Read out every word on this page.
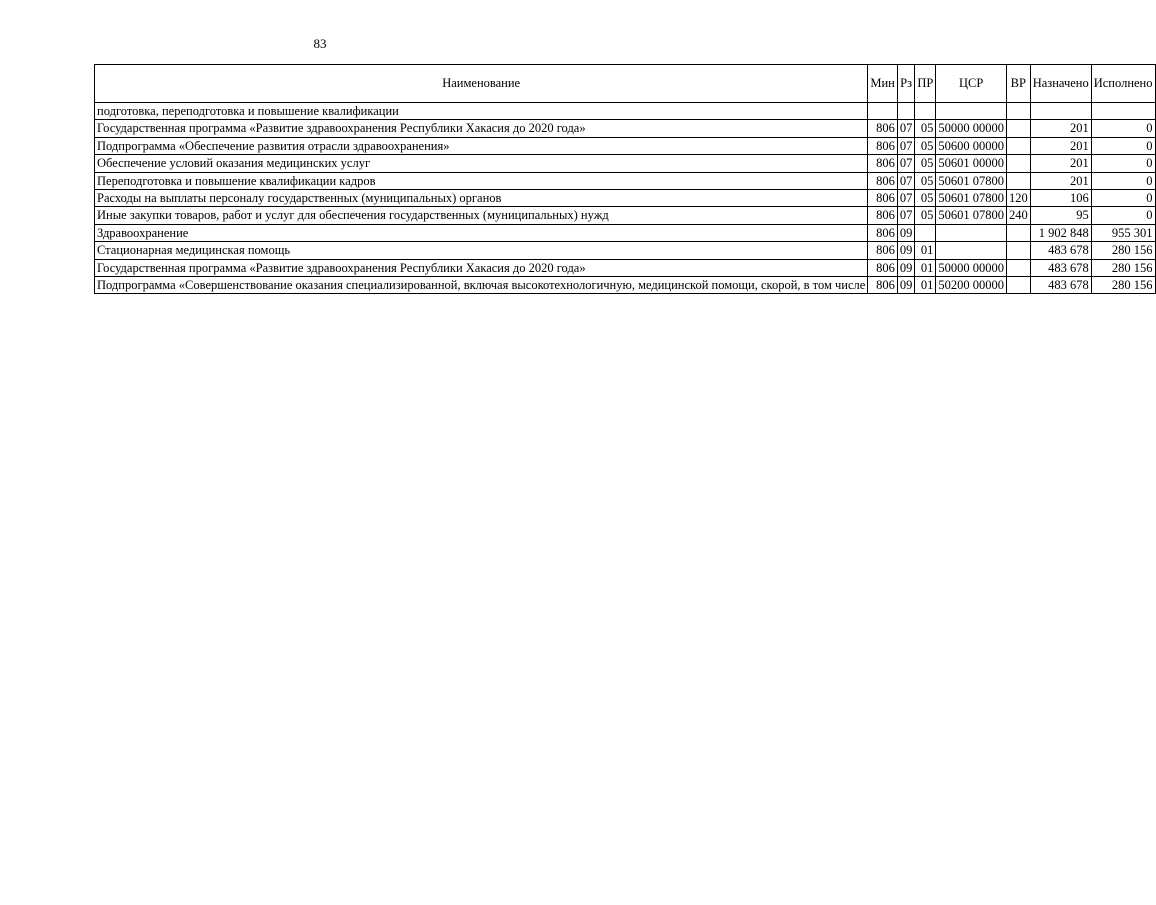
83
Наименование	Мин	Рз	ПР	ЦСР	ВР	Назначено	Исполнено
подготовка, переподготовка и повышение квалификации							
Государственная программа «Развитие здравоохранения Республики Хакасия до 2020 года»	806	07	05	50000 00000		201	0
Подпрограмма «Обеспечение развития отрасли здравоохранения»	806	07	05	50600 00000		201	0
Обеспечение условий оказания медицинских услуг	806	07	05	50601 00000		201	0
Переподготовка и повышение квалификации кадров	806	07	05	50601 07800		201	0
Расходы на выплаты персоналу государственных (муниципальных) органов	806	07	05	50601 07800	120	106	0
Иные закупки товаров, работ и услуг для обеспечения государственных (муниципальных) нужд	806	07	05	50601 07800	240	95	0
Здравоохранение	806	09				1 902 848	955 301
Стационарная медицинская помощь	806	09	01			483 678	280 156
Государственная программа «Развитие здравоохранения Республики Хакасия до 2020 года»	806	09	01	50000 00000		483 678	280 156
Подпрограмма «Совершенствование оказания специализированной, включая высокотехнологичную, медицинской помощи, скорой, в том числе	806	09	01	50200 00000		483 678	280 156
